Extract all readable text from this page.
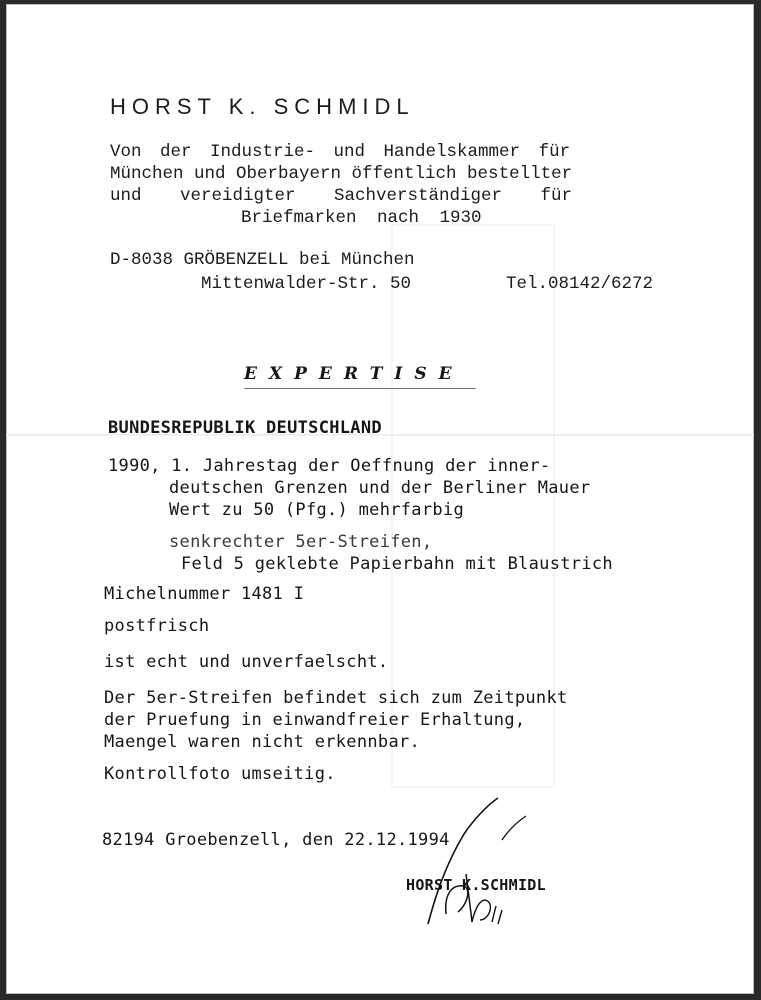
HORST K. SCHMIDL
Von der Industrie- und Handelskammer für
München und Oberbayern öffentlich bestellter
und vereidigter Sachverständiger für
Briefmarken nach 1930
D-8038 GRÖBENZELL bei München
Mittenwalder-Str. 50	Tel.08142/6272
EXPERTISE
BUNDESREPUBLIK DEUTSCHLAND
1990, 1. Jahrestag der Oeffnung der inner-
deutschen Grenzen und der Berliner Mauer
Wert zu 50 (Pfg.) mehrfarbig
senkrechter 5er-Streifen,
Feld 5 geklebte Papierbahn mit Blaustrich
Michelnummer 1481 I
postfrisch
ist echt und unverfaelscht.
Der 5er-Streifen befindet sich zum Zeitpunkt
der Pruefung in einwandfreier Erhaltung,
Maengel waren nicht erkennbar.
Kontrollfoto umseitig.
82194 Groebenzell, den 22.12.1994
HORST K.SCHMIDL
